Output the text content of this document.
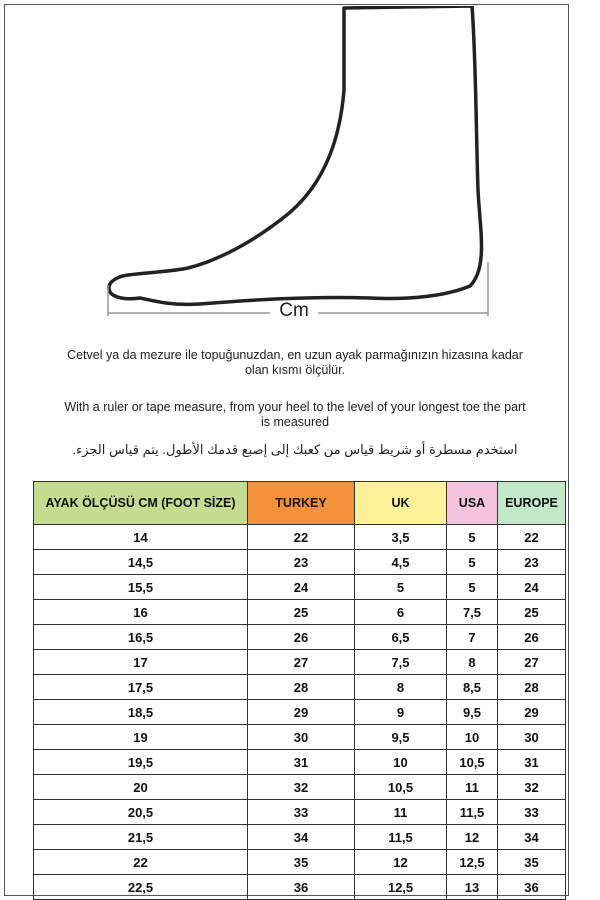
Cm
Cetvel ya da mezure ile topuğunuzdan, en uzun ayak parmağınızın hizasına kadar olan kısmı ölçülür.
With a ruler or tape measure, from your heel to the level of your longest toe the part is measured
استخدم مسطرة أو شريط قياس من كعبك إلى إصبع قدمك الأطول. يتم قياس الجزء.
AYAK ÖLÇÜSÜ CM (FOOT SİZE)	TURKEY	UK	USA	EUROPE
14	22	3,5	5	22
14,5	23	4,5	5	23
15,5	24	5	5	24
16	25	6	7,5	25
16,5	26	6,5	7	26
17	27	7,5	8	27
17,5	28	8	8,5	28
18,5	29	9	9,5	29
19	30	9,5	10	30
19,5	31	10	10,5	31
20	32	10,5	11	32
20,5	33	11	11,5	33
21,5	34	11,5	12	34
22	35	12	12,5	35
22,5	36	12,5	13	36
